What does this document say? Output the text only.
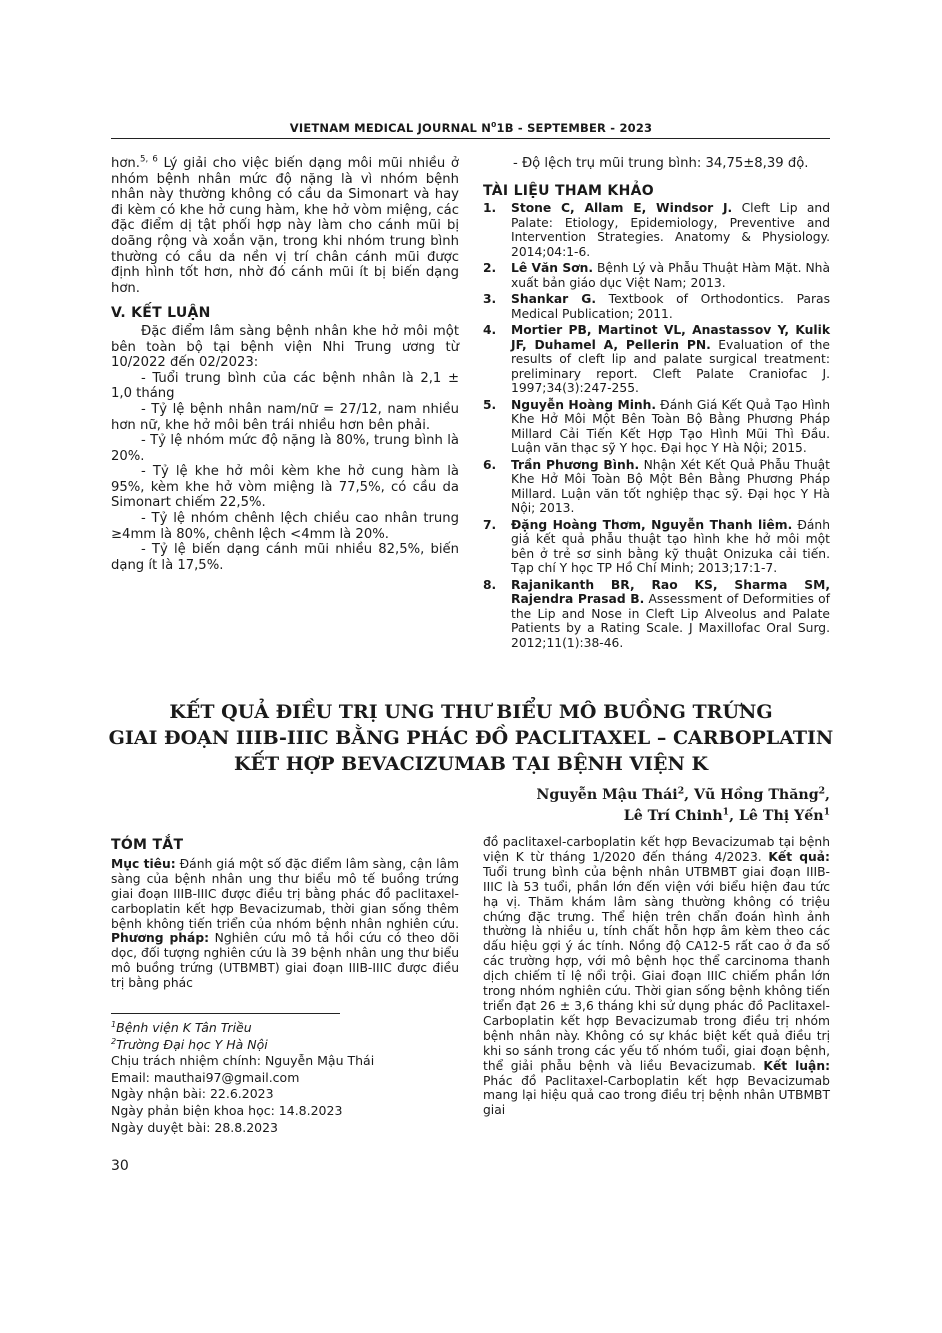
VIETNAM MEDICAL JOURNAL $N^01B$ - SEPTEMBER - 2023

hơn.$^{5, 6}$ Lý giải cho việc biến dạng môi mũi nhiều ở nhóm bệnh nhân mức độ nặng là vì nhóm bệnh nhân này thường không có cầu da Simonart và hay đi kèm có khe hở cung hàm, khe hở vòm miệng, các đặc điểm dị tật phối hợp này làm cho cánh mũi bị doãng rộng và xoắn vặn, trong khi nhóm trung bình thường có cầu da nền vị trí chân cánh mũi được định hình tốt hơn, nhờ đó cánh mũi ít bị biến dạng hơn.

V. KẾT LUẬN

Đặc điểm lâm sàng bệnh nhân khe hở môi một bên toàn bộ tại bệnh viện Nhi Trung ương từ 10/2022 đến 02/2023:

- Tuổi trung bình của các bệnh nhân là 2,1 ± 1,0 tháng

- Tỷ lệ bệnh nhân nam/nữ = 27/12, nam nhiều hơn nữ, khe hở môi bên trái nhiều hơn bên phải.

- Tỷ lệ nhóm mức độ nặng là 80%, trung bình là 20%.

- Tỷ lệ khe hở môi kèm khe hở cung hàm là 95%, kèm khe hở vòm miệng là 77,5%, có cầu da Simonart chiếm 22,5%.

- Tỷ lệ nhóm chênh lệch chiều cao nhân trung ≥4mm là 80%, chênh lệch <4mm là 20%.

- Tỷ lệ biến dạng cánh mũi nhiều 82,5%, biến dạng ít là 17,5%.

- Độ lệch trụ mũi trung bình: 34,75±8,39 độ.

TÀI LIỆU THAM KHẢO
1. Stone C, Allam E, Windsor J. Cleft Lip and Palate: Etiology, Epidemiology, Preventive and Intervention Strategies. Anatomy & Physiology. 2014;04:1-6.
2. Lê Văn Sơn. Bệnh Lý và Phẫu Thuật Hàm Mặt. Nhà xuất bản giáo dục Việt Nam; 2013.
3. Shankar G. Textbook of Orthodontics. Paras Medical Publication; 2011.
4. Mortier PB, Martinot VL, Anastassov Y, Kulik JF, Duhamel A, Pellerin PN. Evaluation of the results of cleft lip and palate surgical treatment: preliminary report. Cleft Palate Craniofac J. 1997;34(3):247-255.
5. Nguyễn Hoàng Minh. Đánh Giá Kết Quả Tạo Hình Khe Hở Môi Một Bên Toàn Bộ Bằng Phương Pháp Millard Cải Tiến Kết Hợp Tạo Hình Mũi Thì Đầu. Luận văn thạc sỹ Y học. Đại học Y Hà Nội; 2015.
6. Trần Phương Bình. Nhận Xét Kết Quả Phẫu Thuật Khe Hở Môi Toàn Bộ Một Bên Bằng Phương Pháp Millard. Luận văn tốt nghiệp thạc sỹ. Đại học Y Hà Nội; 2013.
7. Đặng Hoàng Thơm, Nguyễn Thanh liêm. Đánh giá kết quả phẫu thuật tạo hình khe hở môi một bên ở trẻ sơ sinh bằng kỹ thuật Onizuka cải tiến. Tạp chí Y học TP Hồ Chí Minh; 2013;17:1-7.
8. Rajanikanth BR, Rao KS, Sharma SM, Rajendra Prasad B. Assessment of Deformities of the Lip and Nose in Cleft Lip Alveolus and Palate Patients by a Rating Scale. J Maxillofac Oral Surg. 2012;11(1):38-46.
KẾT QUẢ ĐIỀU TRỊ UNG THƯ BIỂU MÔ BUỒNG TRỨNG
GIAI ĐOẠN IIIB-IIIC BẰNG PHÁC ĐỒ PACLITAXEL – CARBOPLATIN
KẾT HỢP BEVACIZUMAB TẠI BỆNH VIỆN K
Nguyễn Mậu Thái$^2$, Vũ Hồng Thăng$^2$,
Lê Trí Chinh$^1$, Lê Thị Yến$^1$
TÓM TẮT

Mục tiêu: Đánh giá một số đặc điểm lâm sàng, cận lâm sàng của bệnh nhân ung thư biểu mô tế buồng trứng giai đoạn IIIB-IIIC được điều trị bằng phác đồ paclitaxel-carboplatin kết hợp Bevacizumab, thời gian sống thêm bệnh không tiến triển của nhóm bệnh nhân nghiên cứu. Phương pháp: Nghiên cứu mô tả hồi cứu có theo dõi dọc, đối tượng nghiên cứu là 39 bệnh nhân ung thư biểu mô buồng trứng (UTBMBT) giai đoạn IIIB-IIIC được điều trị bằng phác

đồ paclitaxel-carboplatin kết hợp Bevacizumab tại bệnh viện K từ tháng 1/2020 đến tháng 4/2023. Kết quả: Tuổi trung bình của bệnh nhân UTBMBT giai đoạn IIIB-IIIC là 53 tuổi, phần lớn đến viện với biểu hiện đau tức hạ vị. Thăm khám lâm sàng thường không có triệu chứng đặc trưng. Thể hiện trên chẩn đoán hình ảnh thường là nhiều u, tính chất hỗn hợp âm kèm theo các dấu hiệu gợi ý ác tính. Nồng độ CA12-5 rất cao ở đa số các trường hợp, với mô bệnh học thể carcinoma thanh dịch chiếm tỉ lệ nổi trội. Giai đoạn IIIC chiếm phần lớn trong nhóm nghiên cứu. Thời gian sống bệnh không tiến triển đạt 26 ± 3,6 tháng khi sử dụng phác đồ Paclitaxel-Carboplatin kết hợp Bevacizumab trong điều trị nhóm bệnh nhân này. Không có sự khác biệt kết quả điều trị khi so sánh trong các yếu tố nhóm tuổi, giai đoạn bệnh, thể giải phẫu bệnh và liều Bevacizumab. Kết luận: Phác đồ Paclitaxel-Carboplatin kết hợp Bevacizumab mang lại hiệu quả cao trong điều trị bệnh nhân UTBMBT giai

$^1$Bệnh viện K Tân Triều
$^2$Trường Đại học Y Hà Nội
Chịu trách nhiệm chính: Nguyễn Mậu Thái
Email: mauthai97@gmail.com
Ngày nhận bài: 22.6.2023
Ngày phản biện khoa học: 14.8.2023
Ngày duyệt bài: 28.8.2023
30
